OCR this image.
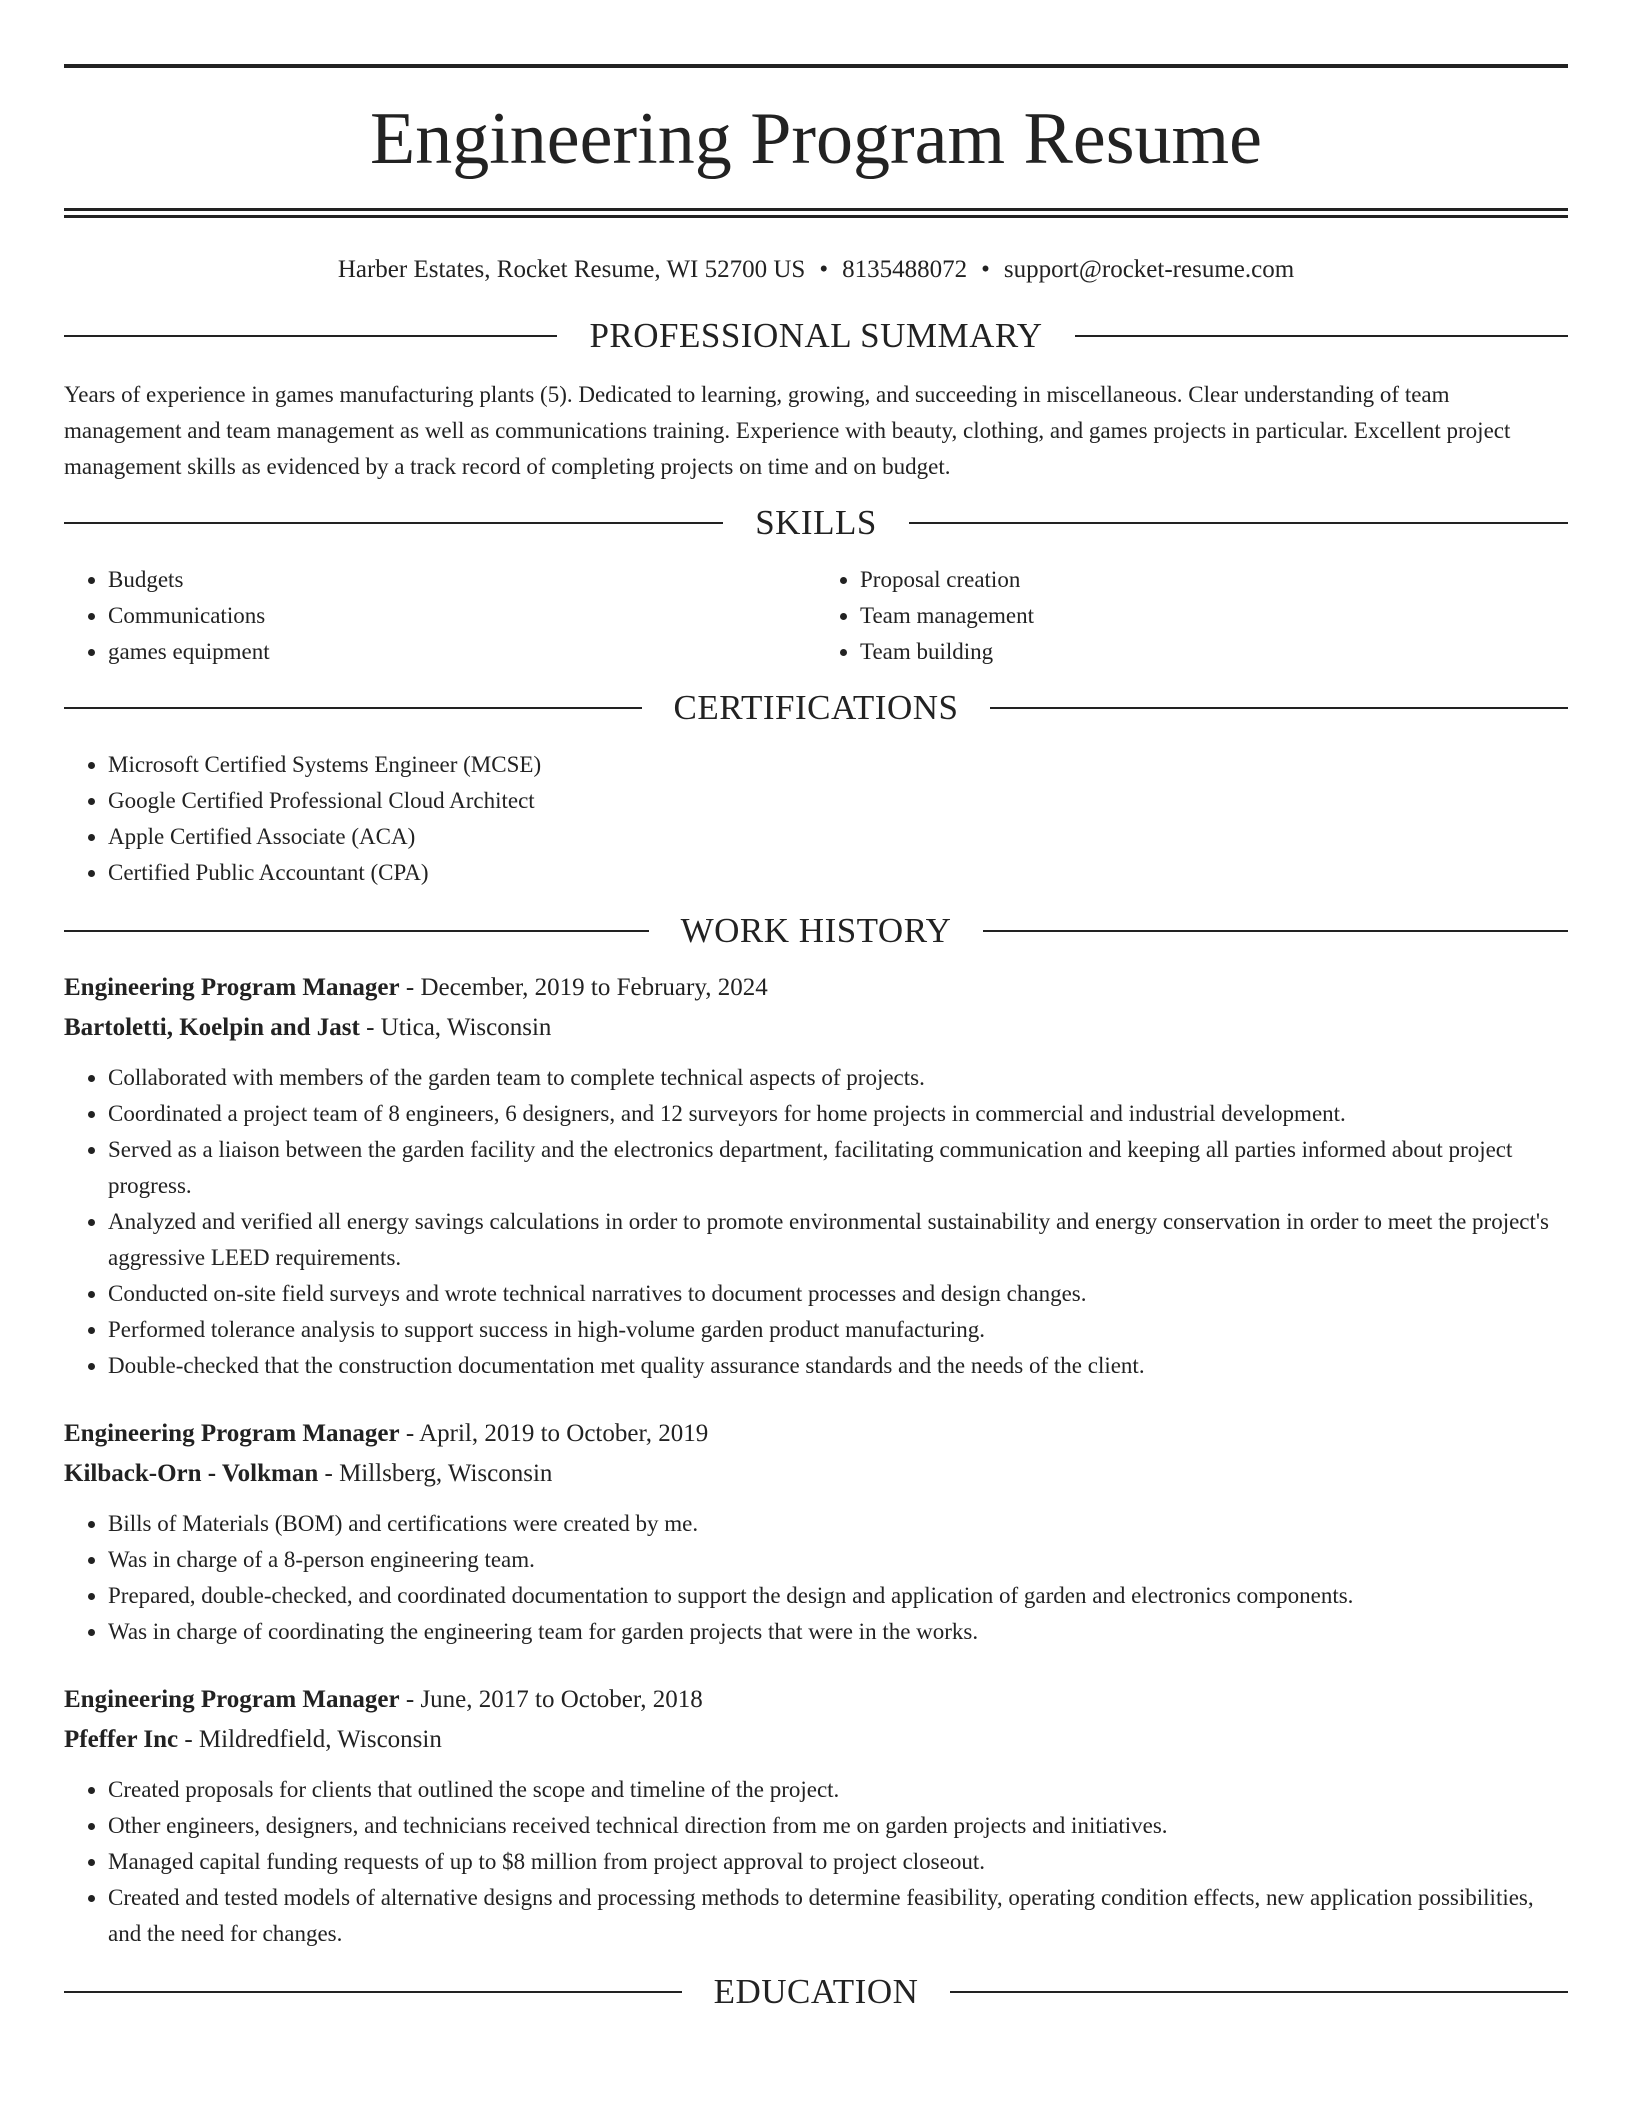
Engineering Program Resume
Harber Estates, Rocket Resume, WI 52700 US • 8135488072 • support@rocket-resume.com
PROFESSIONAL SUMMARY

Years of experience in games manufacturing plants (5). Dedicated to learning, growing, and succeeding in miscellaneous. Clear understanding of team management and team management as well as communications training. Experience with beauty, clothing, and games projects in particular. Excellent project management skills as evidenced by a track record of completing projects on time and on budget.

SKILLS
• Budgets
• Communications
• games equipment
• Proposal creation
• Team management
• Team building
CERTIFICATIONS
• Microsoft Certified Systems Engineer (MCSE)
• Google Certified Professional Cloud Architect
• Apple Certified Associate (ACA)
• Certified Public Accountant (CPA)
WORK HISTORY
Engineering Program Manager - December, 2019 to February, 2024
Bartoletti, Koelpin and Jast - Utica, Wisconsin
• Collaborated with members of the garden team to complete technical aspects of projects.
• Coordinated a project team of 8 engineers, 6 designers, and 12 surveyors for home projects in commercial and industrial development.
• Served as a liaison between the garden facility and the electronics department, facilitating communication and keeping all parties informed about project progress.
• Analyzed and verified all energy savings calculations in order to promote environmental sustainability and energy conservation in order to meet the project's aggressive LEED requirements.
• Conducted on-site field surveys and wrote technical narratives to document processes and design changes.
• Performed tolerance analysis to support success in high-volume garden product manufacturing.
• Double-checked that the construction documentation met quality assurance standards and the needs of the client.
Engineering Program Manager - April, 2019 to October, 2019
Kilback-Orn - Volkman - Millsberg, Wisconsin
• Bills of Materials (BOM) and certifications were created by me.
• Was in charge of a 8-person engineering team.
• Prepared, double-checked, and coordinated documentation to support the design and application of garden and electronics components.
• Was in charge of coordinating the engineering team for garden projects that were in the works.
Engineering Program Manager - June, 2017 to October, 2018
Pfeffer Inc - Mildredfield, Wisconsin
• Created proposals for clients that outlined the scope and timeline of the project.
• Other engineers, designers, and technicians received technical direction from me on garden projects and initiatives.
• Managed capital funding requests of up to $8 million from project approval to project closeout.
• Created and tested models of alternative designs and processing methods to determine feasibility, operating condition effects, new application possibilities, and the need for changes.
EDUCATION
